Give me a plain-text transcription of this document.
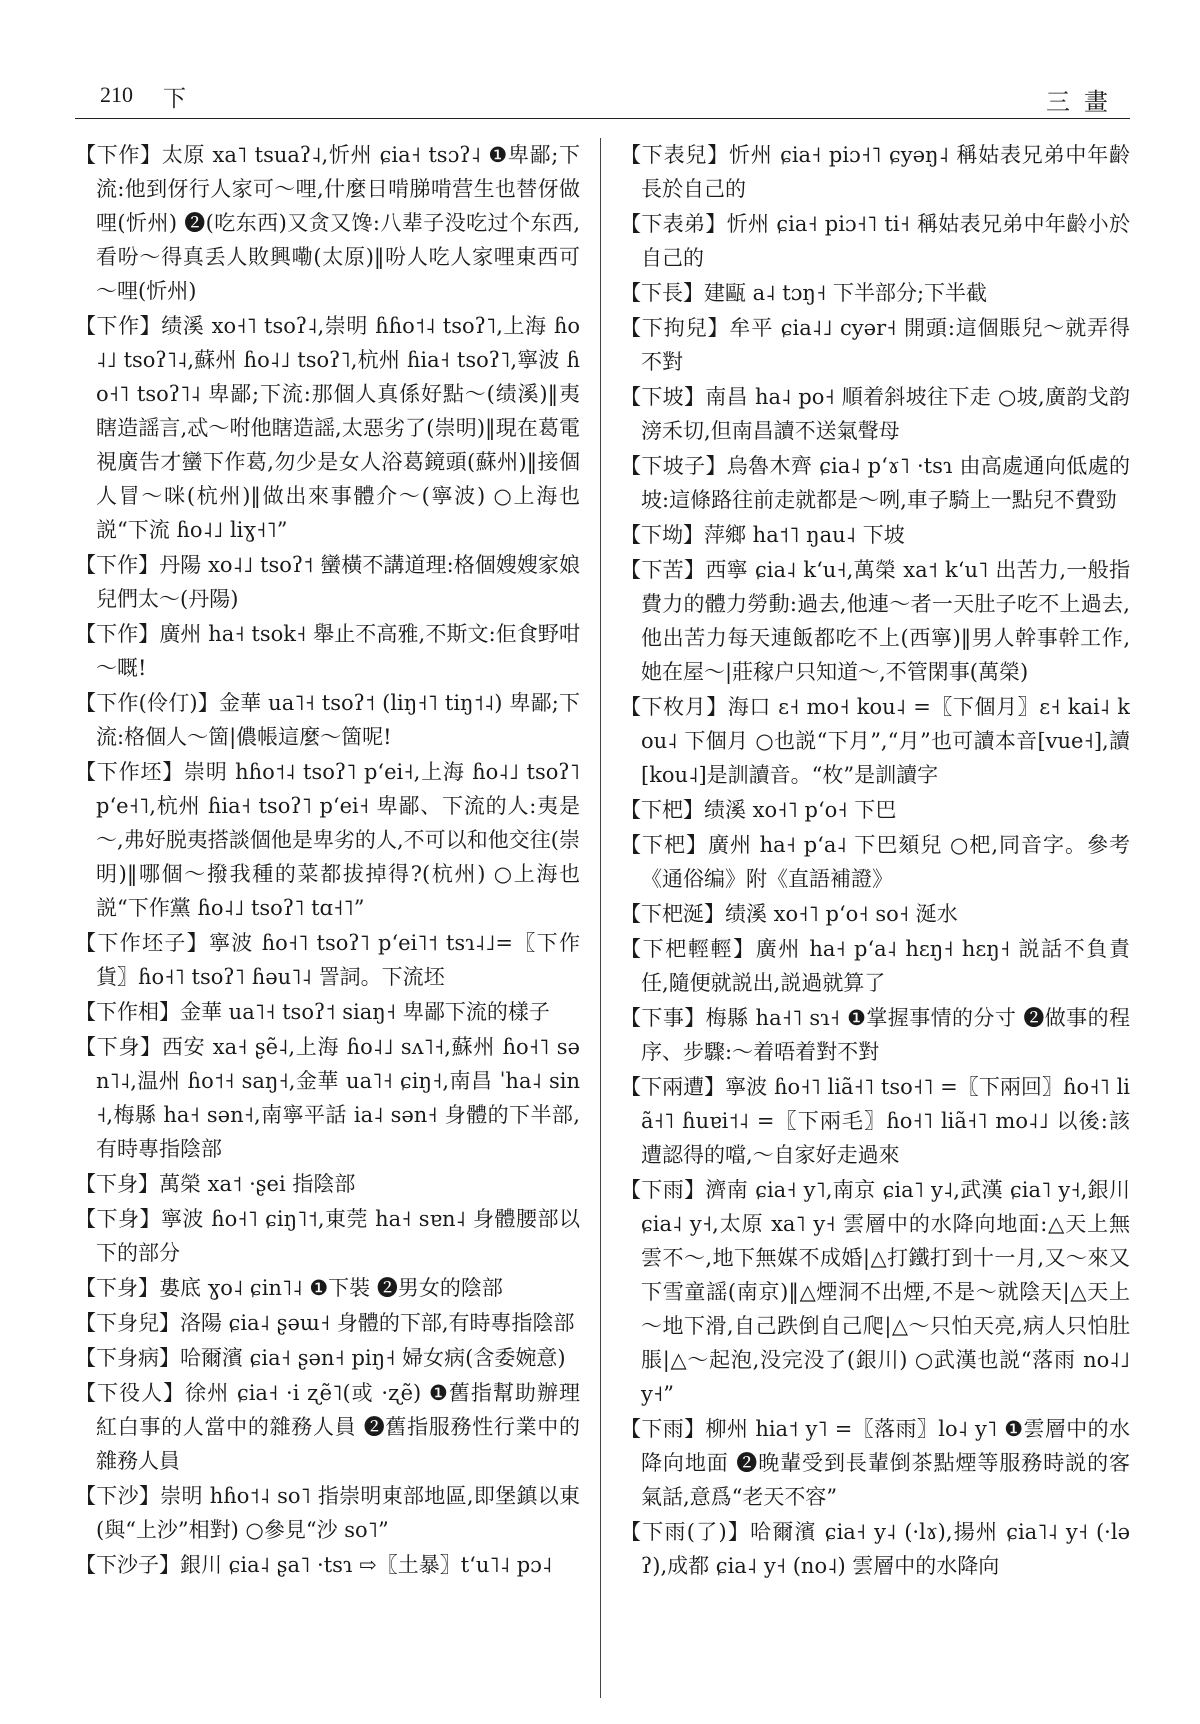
210 下	三畫

【下作】太原 xa˥ tsuaʔ˨,忻州 ɕia˧ tsɔʔ˨ ❶卑鄙;下流:他到伢行人家可～哩,什麼日啃䏲啃营生也替伢做哩(忻州) ❷(吃东西)又贪又馋:八辈子没吃过个东西,看吩～得真丢人敗興嘞(太原)‖吩人吃人家哩東西可～哩(忻州)

【下作】绩溪 xo˧˥ tsoʔ˨,崇明 ɦɦo˦˨ tsoʔ˥,上海 ɦo˨˩ tsoʔ˥˨,蘇州 ɦo˨˩ tsoʔ˥,杭州 ɦia˧ tsoʔ˥,寧波 ɦo˧˥ tsoʔ˥˨ 卑鄙;下流:那個人真係好點～(绩溪)‖夷瞎造謡言,忒～咐他瞎造謡,太惡劣了(崇明)‖現在葛電視廣告才蠻下作葛,勿少是女人浴葛鏡頭(蘇州)‖接個人冒～咪(杭州)‖做出來事體介～(寧波) ○上海也説“下流 ɦo˨˩ liɣ˧˥”

【下作】丹陽 xo˨˩ tsoʔ˦ 蠻橫不講道理:格個嫂嫂家娘兒們太～(丹陽)

【下作】廣州 ha˧ tsok˧ 舉止不高雅,不斯文:佢食野咁～嘅!

【下作(伶仃)】金華 ua˥˧ tsoʔ˦ (liŋ˧˥ tiŋ˦˨) 卑鄙;下流:格個人～箇|儂帳這麼～箇呢!

【下作坯】崇明 hɦo˦˨ tsoʔ˥ pʻei˧,上海 ɦo˨˩ tsoʔ˥ pʻe˧˥,杭州 ɦia˧ tsoʔ˥ pʻei˧ 卑鄙、下流的人:夷是～,弗好脱夷搭談個他是卑劣的人,不可以和他交往(崇明)‖哪個～撥我種的菜都拔掉得?(杭州) ○上海也説“下作黨 ɦo˨˩ tsoʔ˥ tɑ˧˥”

【下作坯子】寧波 ɦo˧˥ tsoʔ˥ pʻei˥˦ tsɿ˨˩=〖下作貨〗ɦo˧˥ tsoʔ˥ ɦəu˥˨ 詈詞。下流坯

【下作相】金華 ua˥˧ tsoʔ˦ siaŋ˧ 卑鄙下流的樣子

【下身】西安 xa˧ ʂẽ˨,上海 ɦo˨˩ sʌ˥˧,蘇州 ɦo˧˥ sən˥˨,温州 ɦo˦˧ saŋ˧,金華 ua˥˧ ɕiŋ˧,南昌 ˈha˨ sin˧,梅縣 ha˧ sən˧,南寧平話 ia˨ sən˧ 身體的下半部,有時專指陰部

【下身】萬榮 xa˦ ·ʂei 指陰部

【下身】寧波 ɦo˧˥ ɕiŋ˥˦,東莞 ha˧ sɐn˨ 身體腰部以下的部分

【下身】婁底 ɣo˨ ɕin˥˨ ❶下裝 ❷男女的陰部

【下身兒】洛陽 ɕia˨ ʂəɯ˧ 身體的下部,有時專指陰部

【下身病】哈爾濱 ɕia˧ ʂən˧ piŋ˧ 婦女病(含委婉意)

【下役人】徐州 ɕia˧ ·i ʐẽ˥(或 ·ʐẽ) ❶舊指幫助辦理紅白事的人當中的雜務人員 ❷舊指服務性行業中的雜務人員

【下沙】崇明 hɦo˦˨ so˥ 指崇明東部地區,即堡鎮以東(與“上沙”相對) ○參見“沙 so˥”

【下沙子】銀川 ɕia˨ ʂa˥ ·tsɿ ⇨〖土暴〗tʻu˥˨ pɔ˨

【下表兒】忻州 ɕia˧ piɔ˧˥ ɕyəŋ˨ 稱姑表兄弟中年齡長於自己的

【下表弟】忻州 ɕia˧ piɔ˧˥ ti˧ 稱姑表兄弟中年齡小於自己的

【下長】建甌 a˨ tɔŋ˧ 下半部分;下半截

【下拘兒】牟平 ɕia˨˩ cyər˧ 開頭:這個賬兒～就弄得不對

【下坡】南昌 ha˨ po˧ 順着斜坡往下走 ○坡,廣韵戈韵滂禾切,但南昌讀不送氣聲母

【下坡子】烏魯木齊 ɕia˨ pʻɤ˥ ·tsɿ 由高處通向低處的坡:這條路往前走就都是～咧,車子騎上一點兒不費勁

【下坳】萍鄉 ha˦˥ ŋau˨ 下坡

【下苦】西寧 ɕia˨ kʻu˧,萬榮 xa˦ kʻu˥ 出苦力,一般指費力的體力勞動:過去,他連～者一天肚子吃不上過去,他出苦力每天連飯都吃不上(西寧)‖男人幹事幹工作,她在屋～|莊稼户只知道～,不管閑事(萬榮)

【下枚月】海口 ɛ˧ mo˧ kou˨ =〖下個月〗ɛ˧ kai˨ kou˨ 下個月 ○也説“下月”,“月”也可讀本音[vue˧],讀[kou˨]是訓讀音。“枚”是訓讀字

【下杷】绩溪 xo˧˥ pʻo˧ 下巴

【下杷】廣州 ha˧ pʻa˨ 下巴頦兒 ○杷,同音字。參考《通俗编》附《直語補證》

【下杷涎】绩溪 xo˧˥ pʻo˧ so˧ 涎水

【下杷輕輕】廣州 ha˧ pʻa˨ hɛŋ˧ hɛŋ˧ 説話不負責任,隨便就説出,説過就算了

【下事】梅縣 ha˧˥ sɿ˧ ❶掌握事情的分寸 ❷做事的程序、步驟:～着唔着對不對

【下兩遭】寧波 ɦo˧˥ liã˧˥ tso˧˥ =〖下兩回〗ɦo˧˥ liã˧˥ ɦuɐi˦˨ =〖下兩毛〗ɦo˧˥ liã˧˥ mo˨˩ 以後:該遭認得的噹,～自家好走過來

【下雨】濟南 ɕia˧ y˥,南京 ɕia˥ y˨,武漢 ɕia˥ y˧,銀川 ɕia˨ y˧,太原 xa˥ y˧ 雲層中的水降向地面:△天上無雲不～,地下無媒不成婚|△打鐵打到十一月,又～來又下雪童謡(南京)‖△煙洞不出煙,不是～就陰天|△天上～地下滑,自己跌倒自己爬|△～只怕天亮,病人只怕肚脹|△～起泡,没完没了(銀川) ○武漢也説“落雨 no˨˩ y˧”

【下雨】柳州 hia˦ y˥ =〖落雨〗lo˨ y˥ ❶雲層中的水降向地面 ❷晚輩受到長輩倒茶點煙等服務時説的客氣話,意爲“老天不容”

【下雨(了)】哈爾濱 ɕia˧ y˨ (·lɤ),揚州 ɕia˥˨ y˧ (·ləʔ),成都 ɕia˨ y˧ (no˨) 雲層中的水降向
